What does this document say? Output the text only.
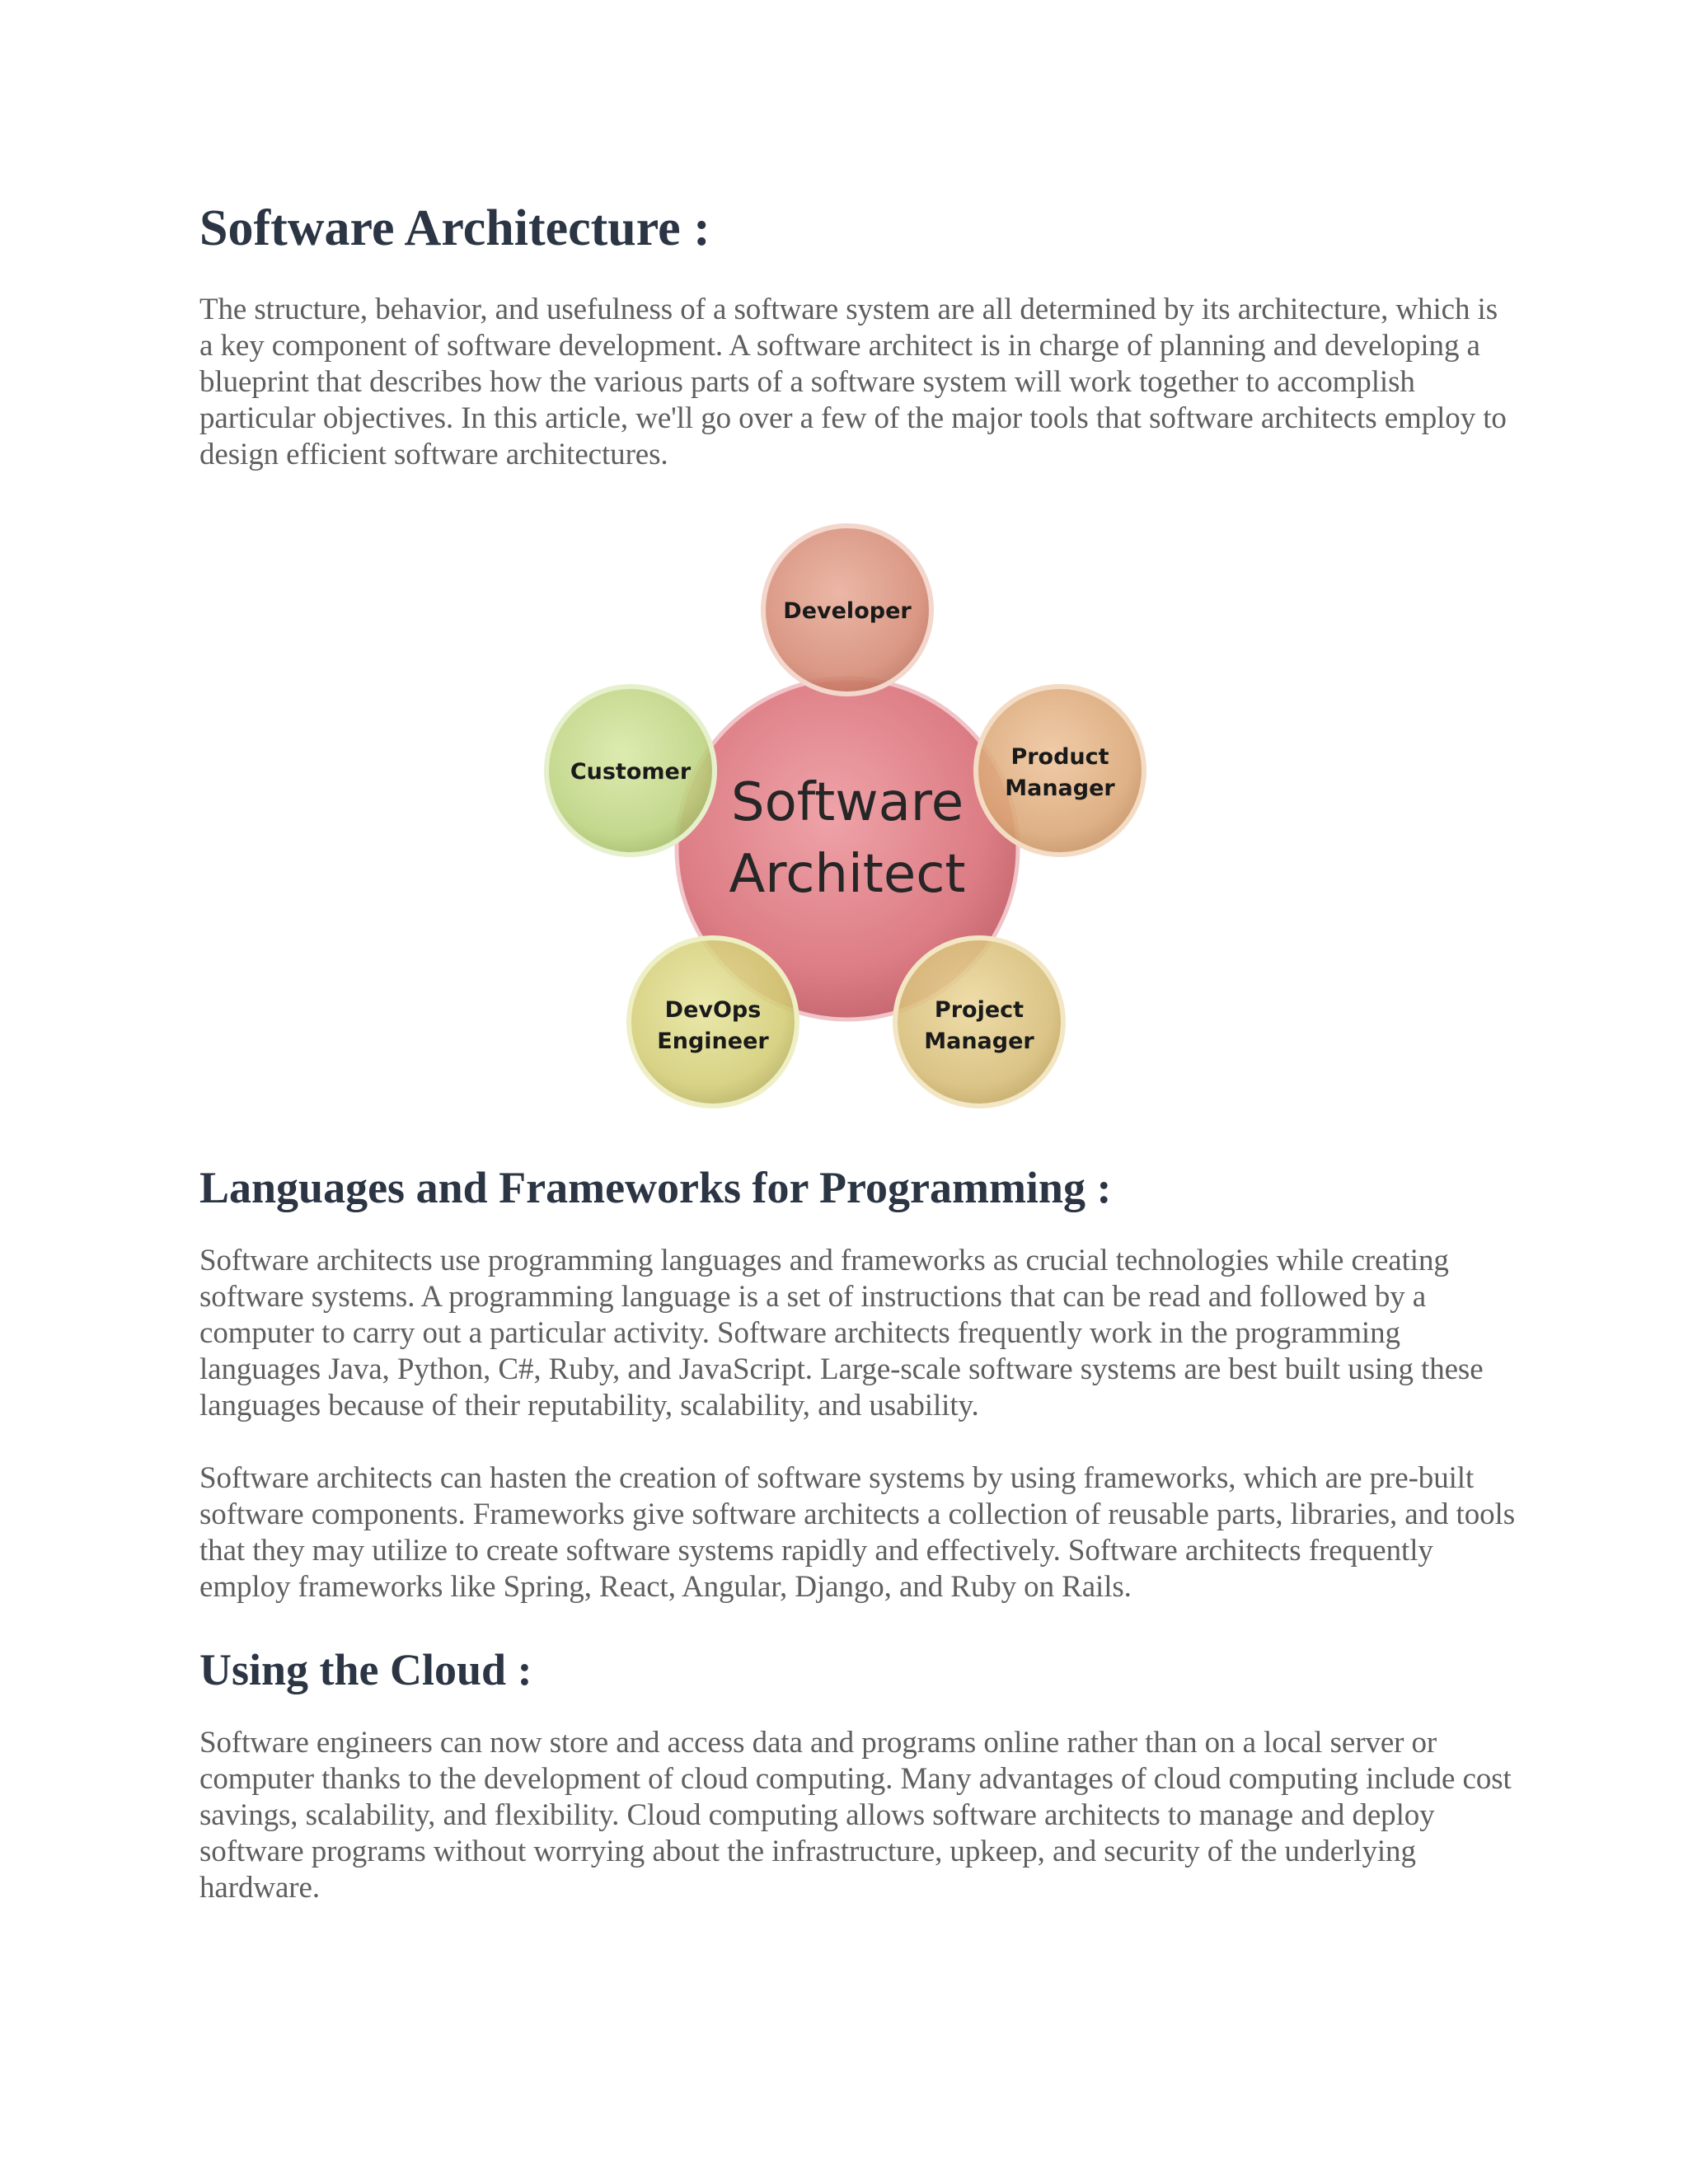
Software Architecture :

The structure, behavior, and usefulness of a software system are all determined by its architecture, which is a key component of software development. A software architect is in charge of planning and developing a blueprint that describes how the various parts of a software system will work together to accomplish particular objectives. In this article, we'll go over a few of the major tools that software architects employ to design efficient software architectures.

Languages and Frameworks for Programming :

Software architects use programming languages and frameworks as crucial technologies while creating software systems. A programming language is a set of instructions that can be read and followed by a computer to carry out a particular activity. Software architects frequently work in the programming languages Java, Python, C#, Ruby, and JavaScript. Large-scale software systems are best built using these languages because of their reputability, scalability, and usability.

Software architects can hasten the creation of software systems by using frameworks, which are pre-built software components. Frameworks give software architects a collection of reusable parts, libraries, and tools that they may utilize to create software systems rapidly and effectively. Software architects frequently employ frameworks like Spring, React, Angular, Django, and Ruby on Rails.

Using the Cloud :

Software engineers can now store and access data and programs online rather than on a local server or computer thanks to the development of cloud computing. Many advantages of cloud computing include cost savings, scalability, and flexibility. Cloud computing allows software architects to manage and deploy software programs without worrying about the infrastructure, upkeep, and security of the underlying hardware.

Developer
Product
Manager
Project
Manager
DevOps
Engineer
Customer
Software
Architect
